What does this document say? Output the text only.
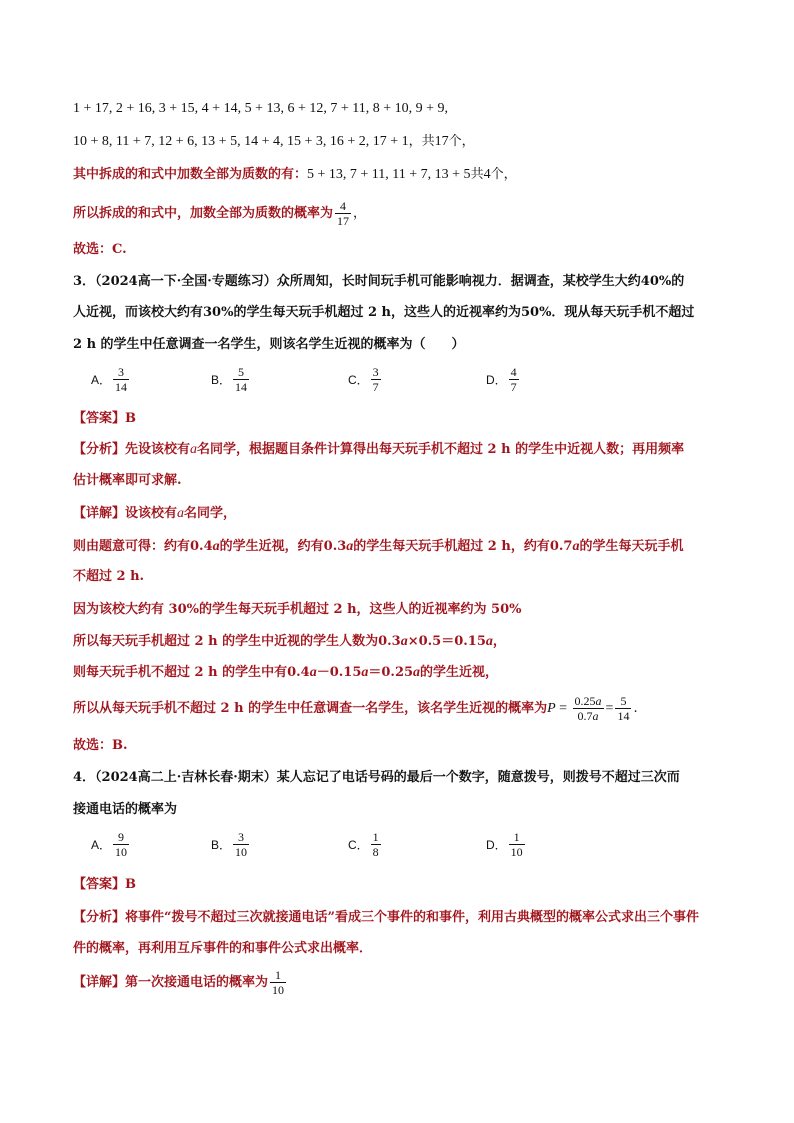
1 + 17, 2 + 16, 3 + 15, 4 + 14, 5 + 13, 6 + 12, 7 + 11, 8 + 10, 9 + 9,
10 + 8, 11 + 7, 12 + 6, 13 + 5, 14 + 4, 15 + 3, 16 + 2, 17 + 1，共17个，
其中拆成的和式中加数全部为质数的有：5 + 13, 7 + 11, 11 + 7, 13 + 5共4个，
所以拆成的和式中，加数全部为质数的概率为 $\frac{4}{17}$ ，
故选：C.
3．（2024高一下·全国·专题练习）众所周知，长时间玩手机可能影响视力．据调查，某校学生大约40%的
人近视，而该校大约有30%的学生每天玩手机超过 2 h，这些人的近视率约为50%．现从每天玩手机不超过
2 h 的学生中任意调查一名学生，则该名学生近视的概率为（　　）
A． $\frac{3}{14}$	B． $\frac{5}{14}$	C． $\frac{3}{7}$	D． $\frac{4}{7}$
【答案】B
【分析】先设该校有a名同学，根据题目条件计算得出每天玩手机不超过 2 h 的学生中近视人数；再用频率
估计概率即可求解.
【详解】设该校有a名同学，
则由题意可得：约有0.4a的学生近视，约有0.3a的学生每天玩手机超过 2 h，约有0.7a的学生每天玩手机
不超过 2 h.
因为该校大约有 30%的学生每天玩手机超过 2 h，这些人的近视率约为 50%
所以每天玩手机超过 2 h 的学生中近视的学生人数为0.3a×0.5＝0.15a，
则每天玩手机不超过 2 h 的学生中有0.4a－0.15a＝0.25a的学生近视，
所以从每天玩手机不超过 2 h 的学生中任意调查一名学生，该名学生近视的概率为$P = \frac{0.25a}{0.7a} = \frac{5}{14}$ .
故选：B.
4．（2024高二上·吉林长春·期末）某人忘记了电话号码的最后一个数字，随意拨号，则拨号不超过三次而
接通电话的概率为
A． $\frac{9}{10}$	B． $\frac{3}{10}$	C． $\frac{1}{8}$	D． $\frac{1}{10}$
【答案】B
【分析】将事件“拨号不超过三次就接通电话”看成三个事件的和事件，利用古典概型的概率公式求出三个事件
件的概率，再利用互斥事件的和事件公式求出概率．
【详解】第一次接通电话的概率为 $\frac{1}{10}$
